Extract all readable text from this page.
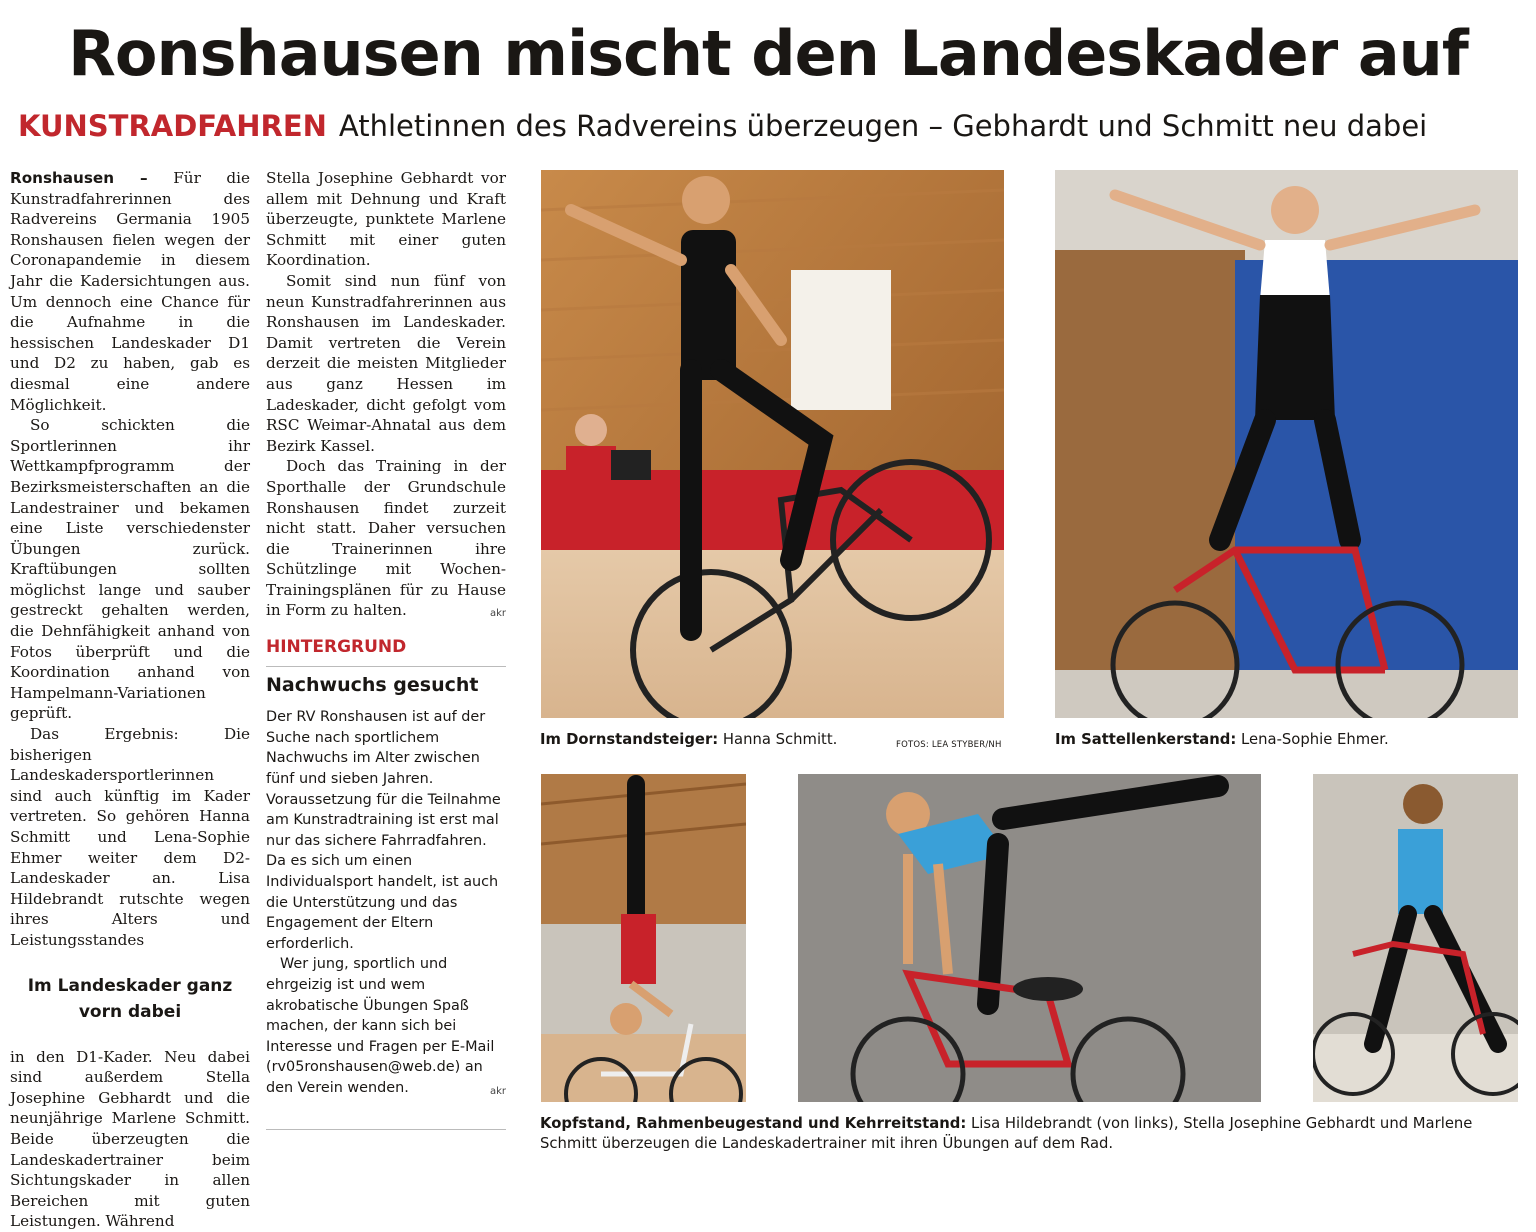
Ronshausen mischt den Landeskader auf

KUNSTRADFAHREN Athletinnen des Radvereins überzeugen – Gebhardt und Schmitt neu dabei

Ronshausen – Für die Kunstradfahrerinnen des Radvereins Germania 1905 Ronshausen fielen wegen der Coronapandemie in diesem Jahr die Kadersichtungen aus. Um dennoch eine Chance für die Aufnahme in die hessischen Landeskader D1 und D2 zu haben, gab es diesmal eine andere Möglichkeit.

So schickten die Sportlerinnen ihr Wettkampfprogramm der Bezirksmeisterschaften an die Landestrainer und bekamen eine Liste verschiedenster Übungen zurück. Kraftübungen sollten möglichst lange und sauber gestreckt gehalten werden, die Dehnfähigkeit anhand von Fotos überprüft und die Koordination anhand von Hampelmann-Variationen geprüft.

Das Ergebnis: Die bisherigen Landeskadersportlerinnen sind auch künftig im Kader vertreten. So gehören Hanna Schmitt und Lena-Sophie Ehmer weiter dem D2-Landeskader an. Lisa Hildebrandt rutschte wegen ihres Alters und Leistungsstandes

Im Landeskader ganz vorn dabei

in den D1-Kader. Neu dabei sind außerdem Stella Josephine Gebhardt und die neunjährige Marlene Schmitt. Beide überzeugten die Landeskadertrainer beim Sichtungskader in allen Bereichen mit guten Leistungen. Während

Stella Josephine Gebhardt vor allem mit Dehnung und Kraft überzeugte, punktete Marlene Schmitt mit einer guten Koordination.

Somit sind nun fünf von neun Kunstradfahrerinnen aus Ronshausen im Landeskader. Damit vertreten die Verein derzeit die meisten Mitglieder aus ganz Hessen im Ladeskader, dicht gefolgt vom RSC Weimar-Ahnatal aus dem Bezirk Kassel.

Doch das Training in der Sporthalle der Grundschule Ronshausen findet zurzeit nicht statt. Daher versuchen die Trainerinnen ihre Schützlinge mit Wochen-Trainingsplänen für zu Hause in Form zu halten.	akr

HINTERGRUND
Nachwuchs gesucht

Der RV Ronshausen ist auf der Suche nach sportlichem Nachwuchs im Alter zwischen fünf und sieben Jahren. Voraussetzung für die Teilnahme am Kunstradtraining ist erst mal nur das sichere Fahrradfahren. Da es sich um einen Individualsport handelt, ist auch die Unterstützung und das Engagement der Eltern erforderlich.

Wer jung, sportlich und ehrgeizig ist und wem akrobatische Übungen Spaß machen, der kann sich bei Interesse und Fragen per E-Mail (rv05ronshausen@web.de) an den Verein wenden.	akr

Im Dornstandsteiger: Hanna Schmitt.	FOTOS: LEA STYBER/NH	Im Sattellenkerstand: Lena-Sophie Ehmer.
Kopfstand, Rahmenbeugestand und Kehrreitstand: Lisa Hildebrandt (von links), Stella Josephine Gebhardt und Marlene Schmitt überzeugen die Landeskadertrainer mit ihren Übungen auf dem Rad.
